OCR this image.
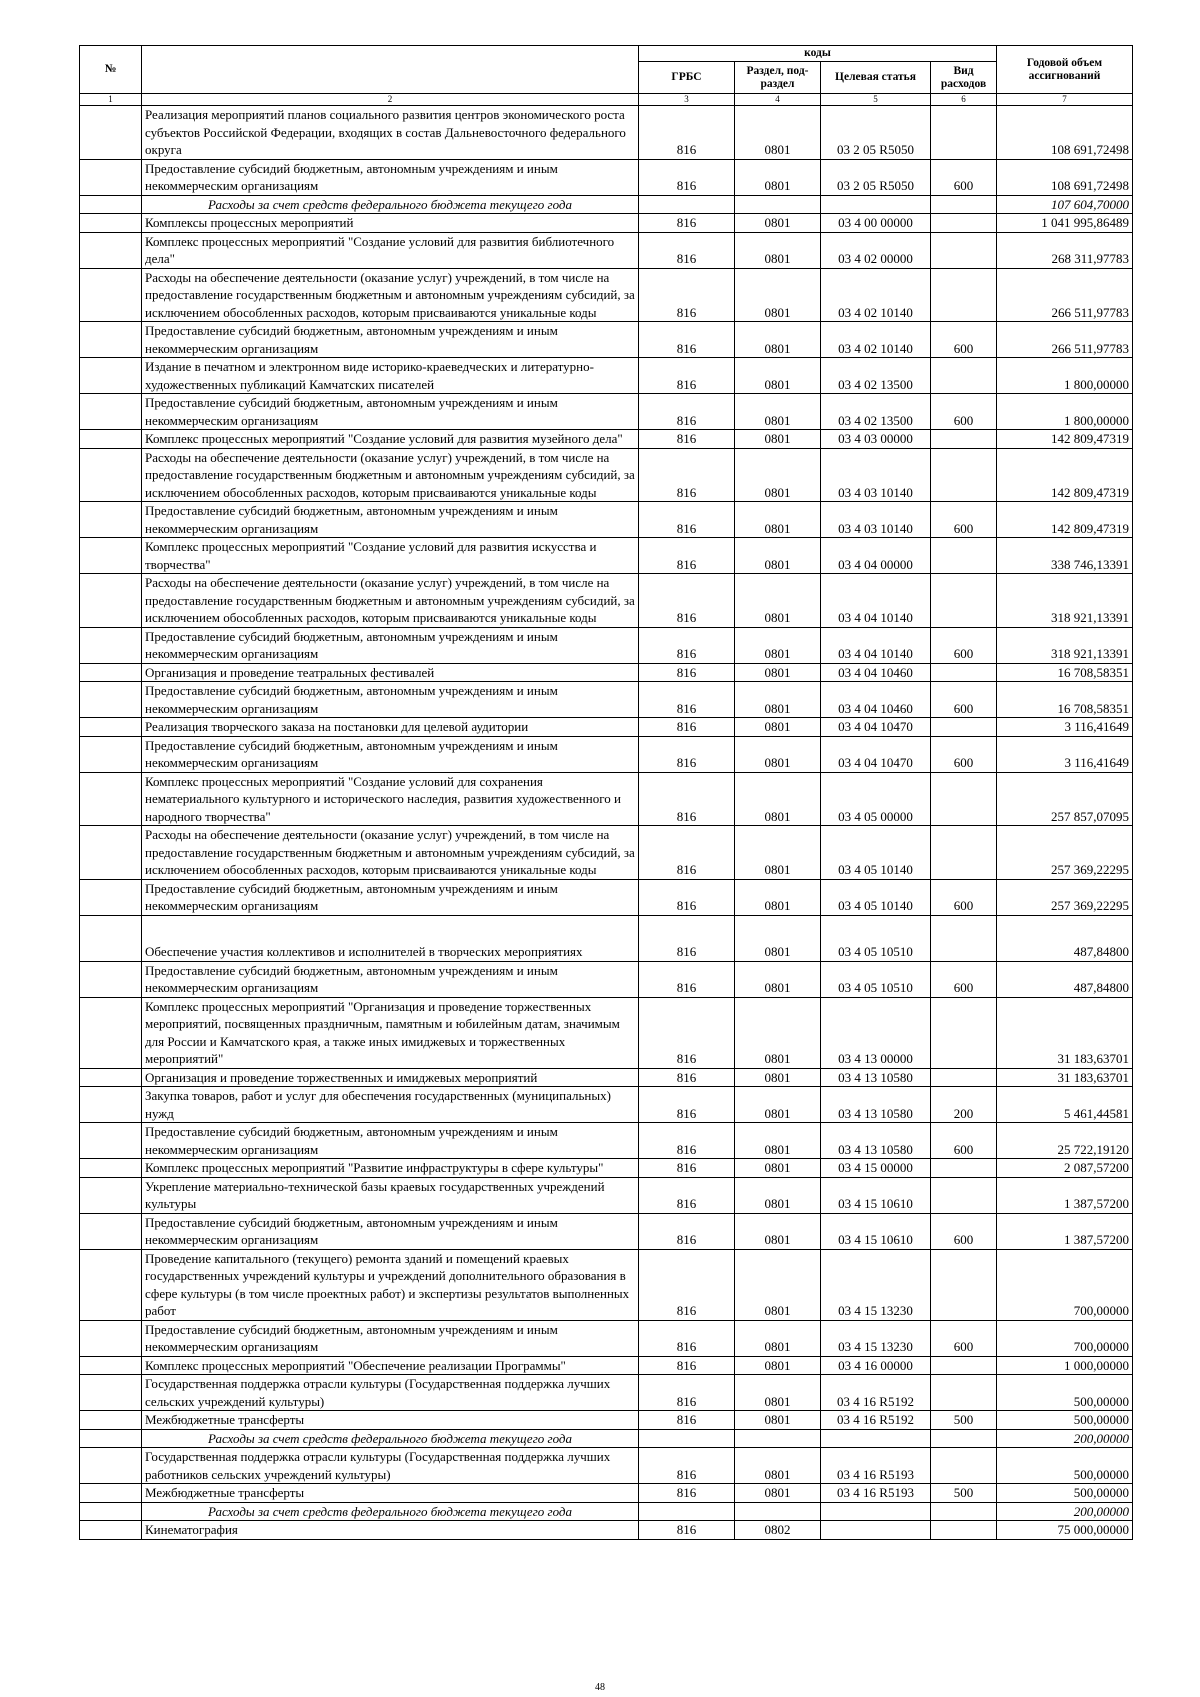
№		коды				Годовой объем ассигнований
		ГРБС	Раздел, под-раздел	Целевая статья	Вид расходов	
1	2	3	4	5	6	7
	Реализация мероприятий планов социального развития центров экономического роста субъектов Российской Федерации, входящих в состав Дальневосточного федерального округа	816	0801	03 2 05 R5050		108 691,72498
	Предоставление субсидий бюджетным, автономным учреждениям и иным некоммерческим организациям	816	0801	03 2 05 R5050	600	108 691,72498
	Расходы за счет средств федерального бюджета текущего года					107 604,70000
	Комплексы процессных мероприятий	816	0801	03 4 00 00000		1 041 995,86489
	Комплекс процессных мероприятий "Создание условий для развития библиотечного дела"	816	0801	03 4 02 00000		268 311,97783
	Расходы на обеспечение деятельности (оказание услуг) учреждений, в том числе на предоставление государственным бюджетным и автономным учреждениям субсидий, за исключением обособленных расходов, которым присваиваются уникальные коды	816	0801	03 4 02 10140		266 511,97783
	Предоставление субсидий бюджетным, автономным учреждениям и иным некоммерческим организациям	816	0801	03 4 02 10140	600	266 511,97783
	Издание в печатном и электронном виде историко-краеведческих и литературно-художественных публикаций Камчатских писателей	816	0801	03 4 02 13500		1 800,00000
	Предоставление субсидий бюджетным, автономным учреждениям и иным некоммерческим организациям	816	0801	03 4 02 13500	600	1 800,00000
	Комплекс процессных мероприятий "Создание условий для развития музейного дела"	816	0801	03 4 03 00000		142 809,47319
	Расходы на обеспечение деятельности (оказание услуг) учреждений, в том числе на предоставление государственным бюджетным и автономным учреждениям субсидий, за исключением обособленных расходов, которым присваиваются уникальные коды	816	0801	03 4 03 10140		142 809,47319
	Предоставление субсидий бюджетным, автономным учреждениям и иным некоммерческим организациям	816	0801	03 4 03 10140	600	142 809,47319
	Комплекс процессных мероприятий "Создание условий для развития искусства и творчества"	816	0801	03 4 04 00000		338 746,13391
	Расходы на обеспечение деятельности (оказание услуг) учреждений, в том числе на предоставление государственным бюджетным и автономным учреждениям субсидий, за исключением обособленных расходов, которым присваиваются уникальные коды	816	0801	03 4 04 10140		318 921,13391
	Предоставление субсидий бюджетным, автономным учреждениям и иным некоммерческим организациям	816	0801	03 4 04 10140	600	318 921,13391
	Организация и проведение театральных фестивалей	816	0801	03 4 04 10460		16 708,58351
	Предоставление субсидий бюджетным, автономным учреждениям и иным некоммерческим организациям	816	0801	03 4 04 10460	600	16 708,58351
	Реализация творческого заказа на постановки для целевой аудитории	816	0801	03 4 04 10470		3 116,41649
	Предоставление субсидий бюджетным, автономным учреждениям и иным некоммерческим организациям	816	0801	03 4 04 10470	600	3 116,41649
	Комплекс процессных мероприятий "Создание условий для сохранения нематериального культурного и исторического наследия, развития художественного и народного творчества"	816	0801	03 4 05 00000		257 857,07095
	Расходы на обеспечение деятельности (оказание услуг) учреждений, в том числе на предоставление государственным бюджетным и автономным учреждениям субсидий, за исключением обособленных расходов, которым присваиваются уникальные коды	816	0801	03 4 05 10140		257 369,22295
	Предоставление субсидий бюджетным, автономным учреждениям и иным некоммерческим организациям	816	0801	03 4 05 10140	600	257 369,22295
	Обеспечение участия коллективов и исполнителей в творческих мероприятиях	816	0801	03 4 05 10510		487,84800
	Предоставление субсидий бюджетным, автономным учреждениям и иным некоммерческим организациям	816	0801	03 4 05 10510	600	487,84800
	Комплекс процессных мероприятий "Организация и проведение торжественных мероприятий, посвященных праздничным, памятным и юбилейным датам, значимым для России и Камчатского края, а также иных имиджевых и торжественных мероприятий"	816	0801	03 4 13 00000		31 183,63701
	Организация и проведение торжественных и имиджевых мероприятий	816	0801	03 4 13 10580		31 183,63701
	Закупка товаров, работ и услуг для обеспечения государственных (муниципальных) нужд	816	0801	03 4 13 10580	200	5 461,44581
	Предоставление субсидий бюджетным, автономным учреждениям и иным некоммерческим организациям	816	0801	03 4 13 10580	600	25 722,19120
	Комплекс процессных мероприятий "Развитие инфраструктуры в сфере культуры"	816	0801	03 4 15 00000		2 087,57200
	Укрепление материально-технической базы краевых государственных учреждений культуры	816	0801	03 4 15 10610		1 387,57200
	Предоставление субсидий бюджетным, автономным учреждениям и иным некоммерческим организациям	816	0801	03 4 15 10610	600	1 387,57200
	Проведение капитального (текущего) ремонта зданий и помещений краевых государственных учреждений культуры и учреждений дополнительного образования в сфере культуры (в том числе проектных работ) и экспертизы результатов выполненных работ	816	0801	03 4 15 13230		700,00000
	Предоставление субсидий бюджетным, автономным учреждениям и иным некоммерческим организациям	816	0801	03 4 15 13230	600	700,00000
	Комплекс процессных мероприятий "Обеспечение реализации Программы"	816	0801	03 4 16 00000		1 000,00000
	Государственная поддержка отрасли культуры (Государственная поддержка лучших сельских учреждений культуры)	816	0801	03 4 16 R5192		500,00000
	Межбюджетные трансферты	816	0801	03 4 16 R5192	500	500,00000
	Расходы за счет средств федерального бюджета текущего года					200,00000
	Государственная поддержка отрасли культуры (Государственная поддержка лучших работников сельских учреждений культуры)	816	0801	03 4 16 R5193		500,00000
	Межбюджетные трансферты	816	0801	03 4 16 R5193	500	500,00000
	Расходы за счет средств федерального бюджета текущего года					200,00000
	Кинематография	816	0802			75 000,00000
48
